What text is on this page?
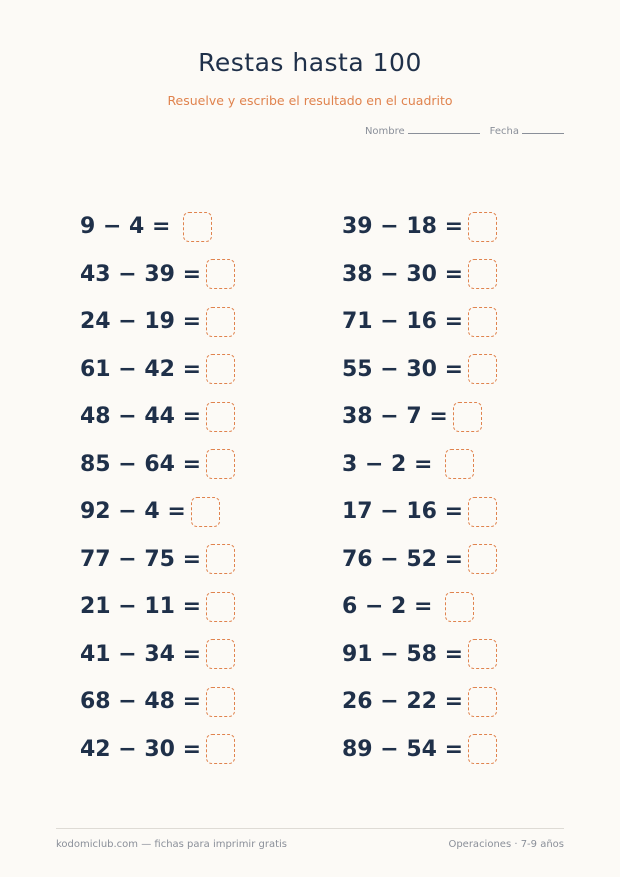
Restas hasta 100
Resuelve y escribe el resultado en el cuadrito
Nombre	Fecha
9 − 4 =
43 − 39 =
24 − 19 =
61 − 42 =
48 − 44 =
85 − 64 =
92 − 4 =
77 − 75 =
21 − 11 =
41 − 34 =
68 − 48 =
42 − 30 =
39 − 18 =
38 − 30 =
71 − 16 =
55 − 30 =
38 − 7 =
3 − 2 =
17 − 16 =
76 − 52 =
6 − 2 =
91 − 58 =
26 − 22 =
89 − 54 =
kodomiclub.com — fichas para imprimir gratis	Operaciones · 7-9 años
